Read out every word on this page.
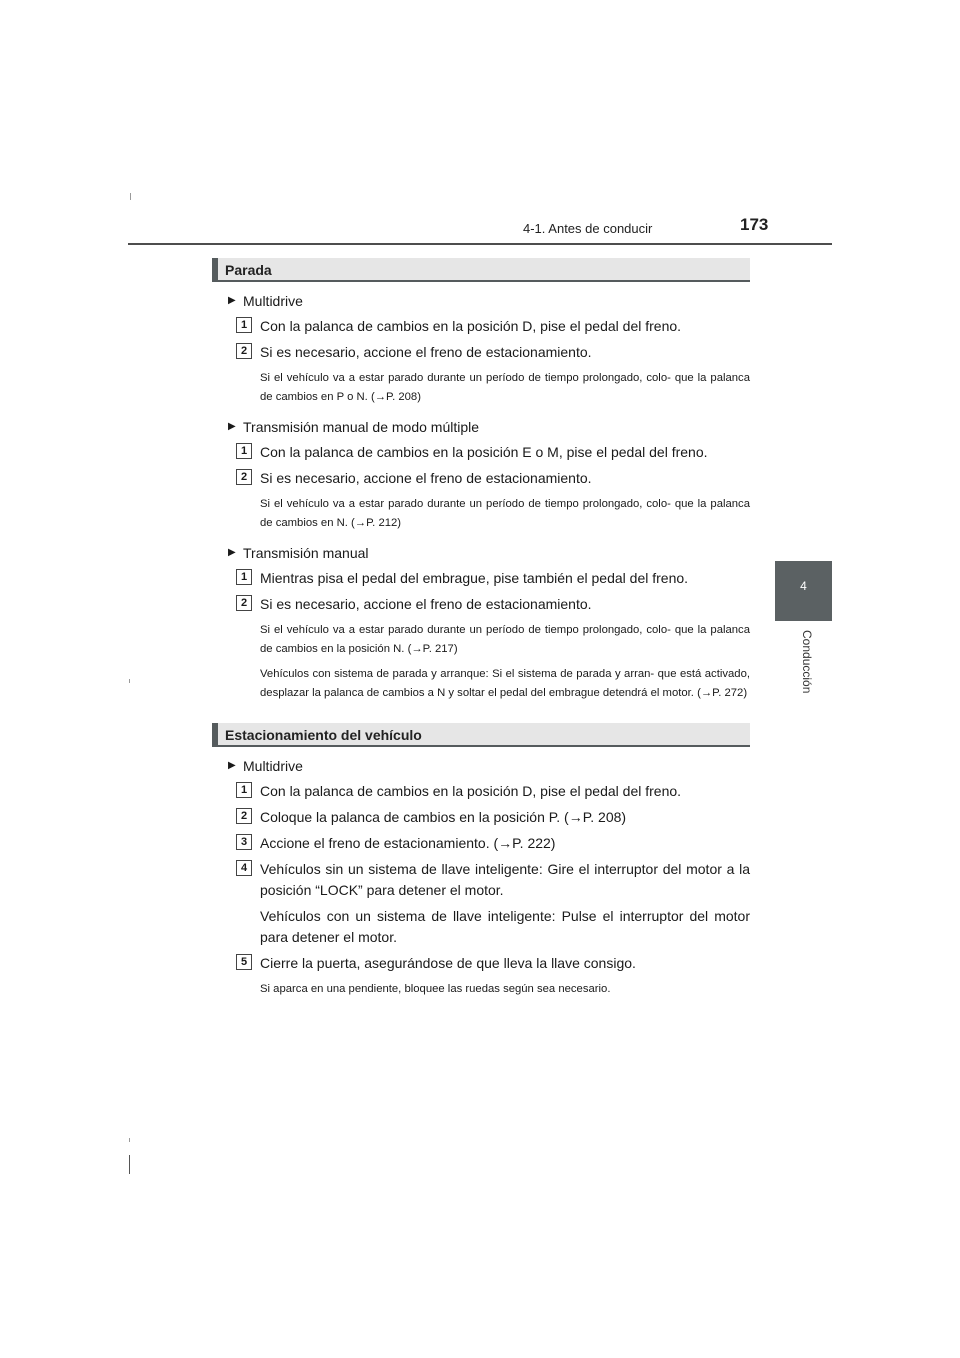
4-1. Antes de conducir	173
4
Conducción
Parada
▶ Multidrive
1 Con la palanca de cambios en la posición D, pise el pedal del freno.
2 Si es necesario, accione el freno de estacionamiento.
Si el vehículo va a estar parado durante un período de tiempo prolongado, colo- que la palanca de cambios en P o N. (→P. 208)
▶ Transmisión manual de modo múltiple
1 Con la palanca de cambios en la posición E o M, pise el pedal del freno.
2 Si es necesario, accione el freno de estacionamiento.
Si el vehículo va a estar parado durante un período de tiempo prolongado, colo- que la palanca de cambios en N. (→P. 212)
▶ Transmisión manual
1 Mientras pisa el pedal del embrague, pise también el pedal del freno.
2 Si es necesario, accione el freno de estacionamiento.
Si el vehículo va a estar parado durante un período de tiempo prolongado, colo- que la palanca de cambios en la posición N. (→P. 217)
Vehículos con sistema de parada y arranque: Si el sistema de parada y arran- que está activado, desplazar la palanca de cambios a N y soltar el pedal del embrague detendrá el motor. (→P. 272)
Estacionamiento del vehículo
▶ Multidrive
1 Con la palanca de cambios en la posición D, pise el pedal del freno.
2 Coloque la palanca de cambios en la posición P. (→P. 208)
3 Accione el freno de estacionamiento. (→P. 222)
4 Vehículos sin un sistema de llave inteligente: Gire el interruptor del motor a la posición “LOCK” para detener el motor.
Vehículos con un sistema de llave inteligente: Pulse el interruptor del motor para detener el motor.
5 Cierre la puerta, asegurándose de que lleva la llave consigo.
Si aparca en una pendiente, bloquee las ruedas según sea necesario.
